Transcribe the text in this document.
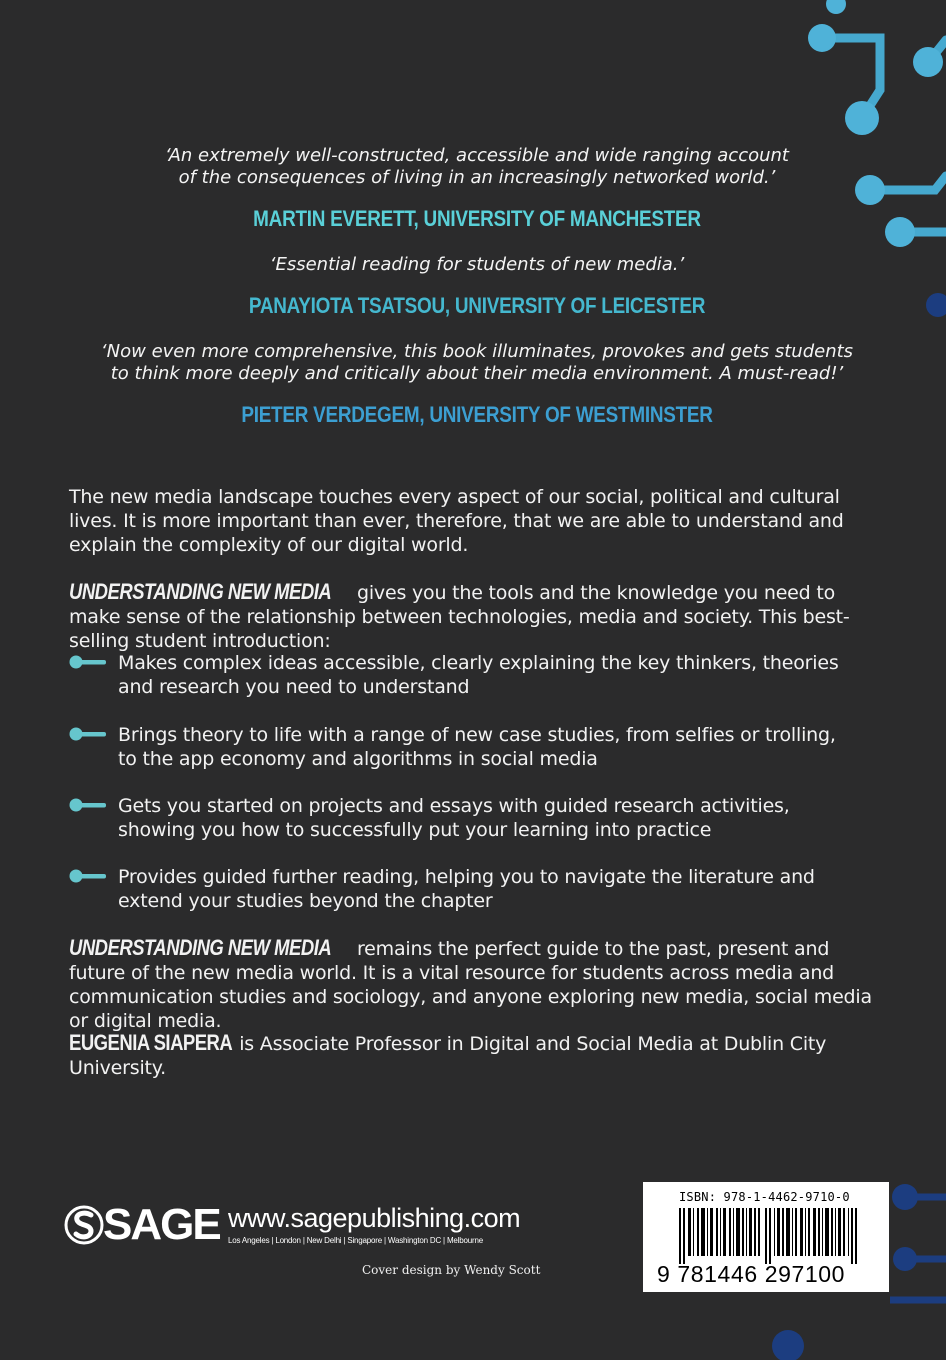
‘An extremely well-constructed, accessible and wide ranging account

of the consequences of living in an increasingly networked world.’

MARTIN EVERETT, UNIVERSITY OF MANCHESTER

‘Essential reading for students of new media.’

PANAYIOTA TSATSOU, UNIVERSITY OF LEICESTER

‘Now even more comprehensive, this book illuminates, provokes and gets students

to think more deeply and critically about their media environment. A must-read!’

PIETER VERDEGEM, UNIVERSITY OF WESTMINSTER

The new media landscape touches every aspect of our social, political and cultural lives. It is more important than ever, therefore, that we are able to understand and explain the complexity of our digital world.

UNDERSTANDING NEW MEDIA gives you the tools and the knowledge you need to make sense of the relationship between technologies, media and society. This best-selling student introduction:

Makes complex ideas accessible, clearly explaining the key thinkers, theories and research you need to understand

Brings theory to life with a range of new case studies, from selfies or trolling, to the app economy and algorithms in social media

Gets you started on projects and essays with guided research activities, showing you how to successfully put your learning into practice

Provides guided further reading, helping you to navigate the literature and extend your studies beyond the chapter

UNDERSTANDING NEW MEDIA remains the perfect guide to the past, present and future of the new media world. It is a vital resource for students across media and communication studies and sociology, and anyone exploring new media, social media or digital media.

EUGENIA SIAPERA is Associate Professor in Digital and Social Media at Dublin City University.

SAGE www.sagepublishing.com

Los Angeles | London | New Delhi | Singapore | Washington DC | Melbourne

Cover design by Wendy Scott

ISBN: 978-1-4462-9710-0

9 781446 297100
